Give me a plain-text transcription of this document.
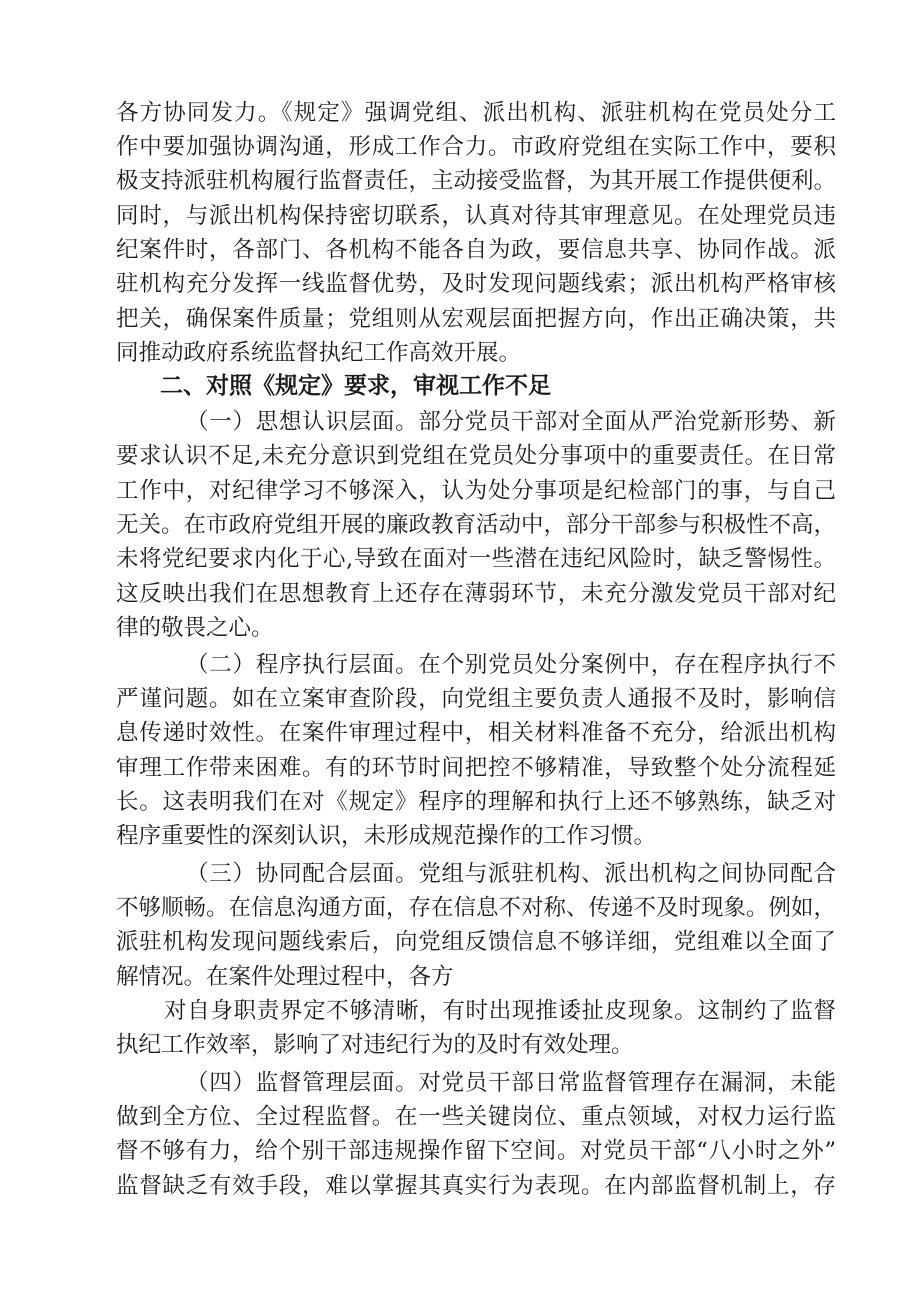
各方协同发力。《规定》强调党组、派出机构、派驻机构在党员处分工
作中要加强协调沟通，形成工作合力。市政府党组在实际工作中，要积
极支持派驻机构履行监督责任，主动接受监督，为其开展工作提供便利。
同时，与派出机构保持密切联系，认真对待其审理意见。在处理党员违
纪案件时，各部门、各机构不能各自为政，要信息共享、协同作战。派
驻机构充分发挥一线监督优势，及时发现问题线索；派出机构严格审核
把关，确保案件质量；党组则从宏观层面把握方向，作出正确决策，共
同推动政府系统监督执纪工作高效开展。
二、对照《规定》要求，审视工作不足
（一）思想认识层面。部分党员干部对全面从严治党新形势、新
要求认识不足,未充分意识到党组在党员处分事项中的重要责任。在日常
工作中，对纪律学习不够深入，认为处分事项是纪检部门的事，与自己
无关。在市政府党组开展的廉政教育活动中，部分干部参与积极性不高，
未将党纪要求内化于心,导致在面对一些潜在违纪风险时，缺乏警惕性。
这反映出我们在思想教育上还存在薄弱环节，未充分激发党员干部对纪
律的敬畏之心。
（二）程序执行层面。在个别党员处分案例中，存在程序执行不
严谨问题。如在立案审查阶段，向党组主要负责人通报不及时，影响信
息传递时效性。在案件审理过程中，相关材料准备不充分，给派出机构
审理工作带来困难。有的环节时间把控不够精准，导致整个处分流程延
长。这表明我们在对《规定》程序的理解和执行上还不够熟练，缺乏对
程序重要性的深刻认识，未形成规范操作的工作习惯。
（三）协同配合层面。党组与派驻机构、派出机构之间协同配合
不够顺畅。在信息沟通方面，存在信息不对称、传递不及时现象。例如，
派驻机构发现问题线索后，向党组反馈信息不够详细，党组难以全面了
解情况。在案件处理过程中，各方
对自身职责界定不够清晰，有时出现推诿扯皮现象。这制约了监督
执纪工作效率，影响了对违纪行为的及时有效处理。
（四）监督管理层面。对党员干部日常监督管理存在漏洞，未能
做到全方位、全过程监督。在一些关键岗位、重点领域，对权力运行监
督不够有力，给个别干部违规操作留下空间。对党员干部“八小时之外”
监督缺乏有效手段，难以掌握其真实行为表现。在内部监督机制上，存
